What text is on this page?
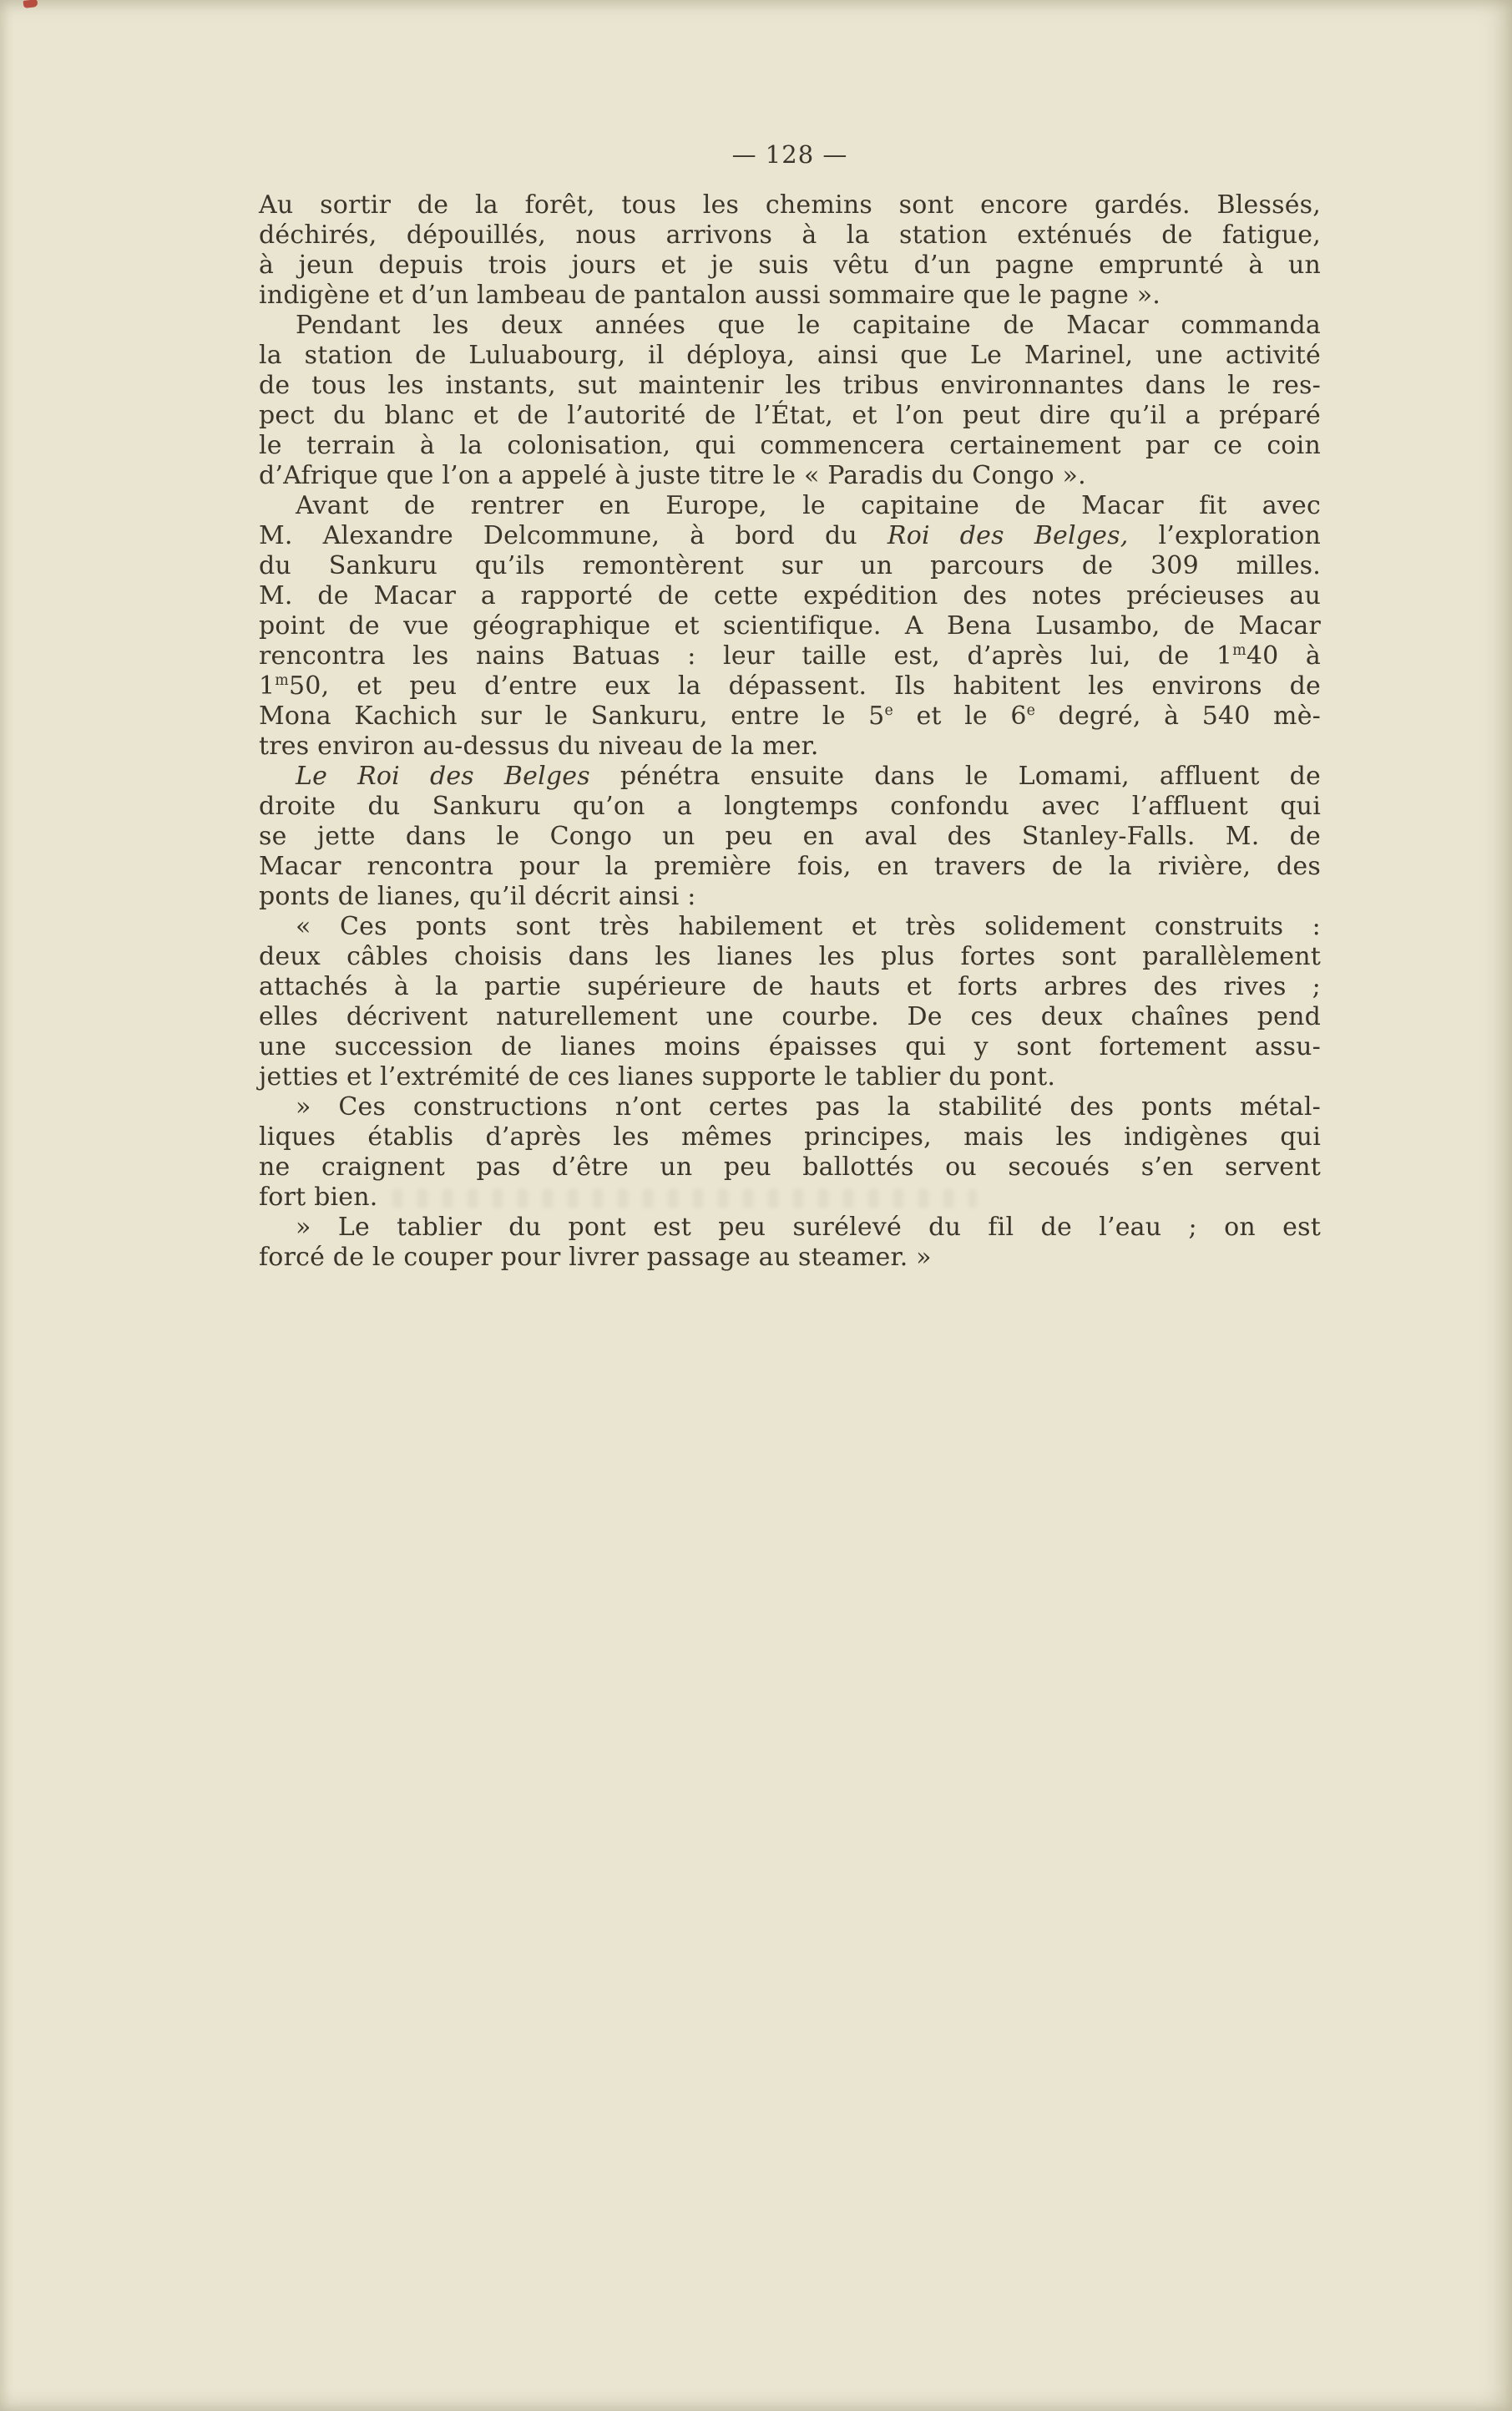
— 128 —
Au sortir de la forêt, tous les chemins sont encore gardés. Blessés,
déchirés, dépouillés, nous arrivons à la station exténués de fatigue,
à jeun depuis trois jours et je suis vêtu d’un pagne emprunté à un
indigène et d’un lambeau de pantalon aussi sommaire que le pagne ».
Pendant les deux années que le capitaine de Macar commanda
la station de Luluabourg, il déploya, ainsi que Le Marinel, une activité
de tous les instants, sut maintenir les tribus environnantes dans le res-
pect du blanc et de l’autorité de l’État, et l’on peut dire qu’il a préparé
le terrain à la colonisation, qui commencera certainement par ce coin
d’Afrique que l’on a appelé à juste titre le « Paradis du Congo ».
Avant de rentrer en Europe, le capitaine de Macar fit avec
M. Alexandre Delcommune, à bord du Roi des Belges, l’exploration
du Sankuru qu’ils remontèrent sur un parcours de 309 milles.
M. de Macar a rapporté de cette expédition des notes précieuses au
point de vue géographique et scientifique. A Bena Lusambo, de Macar
rencontra les nains Batuas : leur taille est, d’après lui, de 1$^m$40 à
1$^m$50, et peu d’entre eux la dépassent. Ils habitent les environs de
Mona Kachich sur le Sankuru, entre le 5e et le 6e degré, à 540 mè-
tres environ au-dessus du niveau de la mer.
Le Roi des Belges pénétra ensuite dans le Lomami, affluent de
droite du Sankuru qu’on a longtemps confondu avec l’affluent qui
se jette dans le Congo un peu en aval des Stanley-Falls. M. de
Macar rencontra pour la première fois, en travers de la rivière, des
ponts de lianes, qu’il décrit ainsi :
« Ces ponts sont très habilement et très solidement construits :
deux câbles choisis dans les lianes les plus fortes sont parallèlement
attachés à la partie supérieure de hauts et forts arbres des rives ;
elles décrivent naturellement une courbe. De ces deux chaînes pend
une succession de lianes moins épaisses qui y sont fortement assu-
jetties et l’extrémité de ces lianes supporte le tablier du pont.
» Ces constructions n’ont certes pas la stabilité des ponts métal-
liques établis d’après les mêmes principes, mais les indigènes qui
ne craignent pas d’être un peu ballottés ou secoués s’en servent
fort bien.
» Le tablier du pont est peu surélevé du fil de l’eau ; on est
forcé de le couper pour livrer passage au steamer. »
